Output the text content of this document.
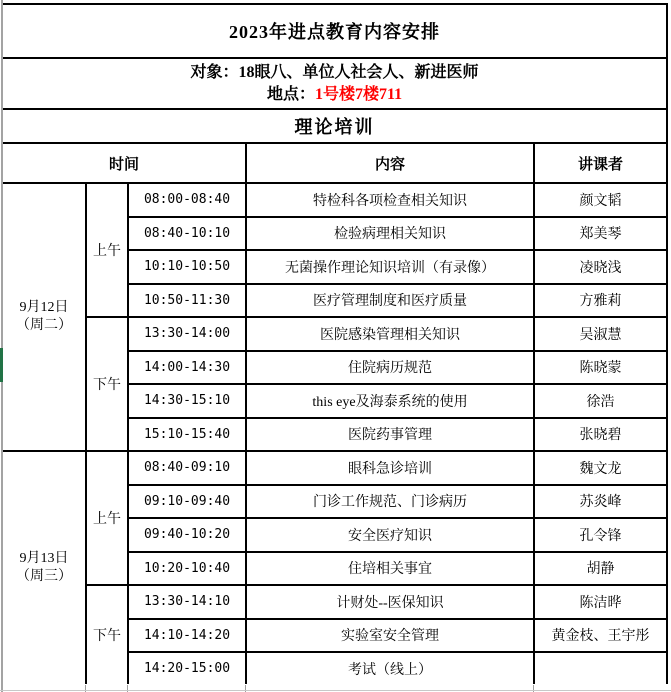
2023年进点教育内容安排				

对象：18眼八、单位人社会人、新进医师
地点：1号楼7楼711				

理论培训				
时间			内容	讲课者

9月12日
（周二）	上午	08:00-08:40	特检科各项检查相关知识	颜文韬
		08:40-10:10	检验病理相关知识	郑美琴
		10:10-10:50	无菌操作理论知识培训（有录像）	凌晓浅
		10:50-11:30	医疗管理制度和医疗质量	方雅莉
	下午	13:30-14:00	医院感染管理相关知识	吴淑慧
		14:00-14:30	住院病历规范	陈晓蒙
		14:30-15:10	this eye及海泰系统的使用	徐浩
		15:10-15:40	医院药事管理	张晓碧

9月13日
（周三）	上午	08:40-09:10	眼科急诊培训	魏文龙
		09:10-09:40	门诊工作规范、门诊病历	苏炎峰
		09:40-10:20	安全医疗知识	孔令锋
		10:20-10:40	住培相关事宜	胡静
	下午	13:30-14:10	计财处--医保知识	陈洁晔
		14:10-14:20	实验室安全管理	黄金枝、王宇彤
		14:20-15:00	考试（线上）	
